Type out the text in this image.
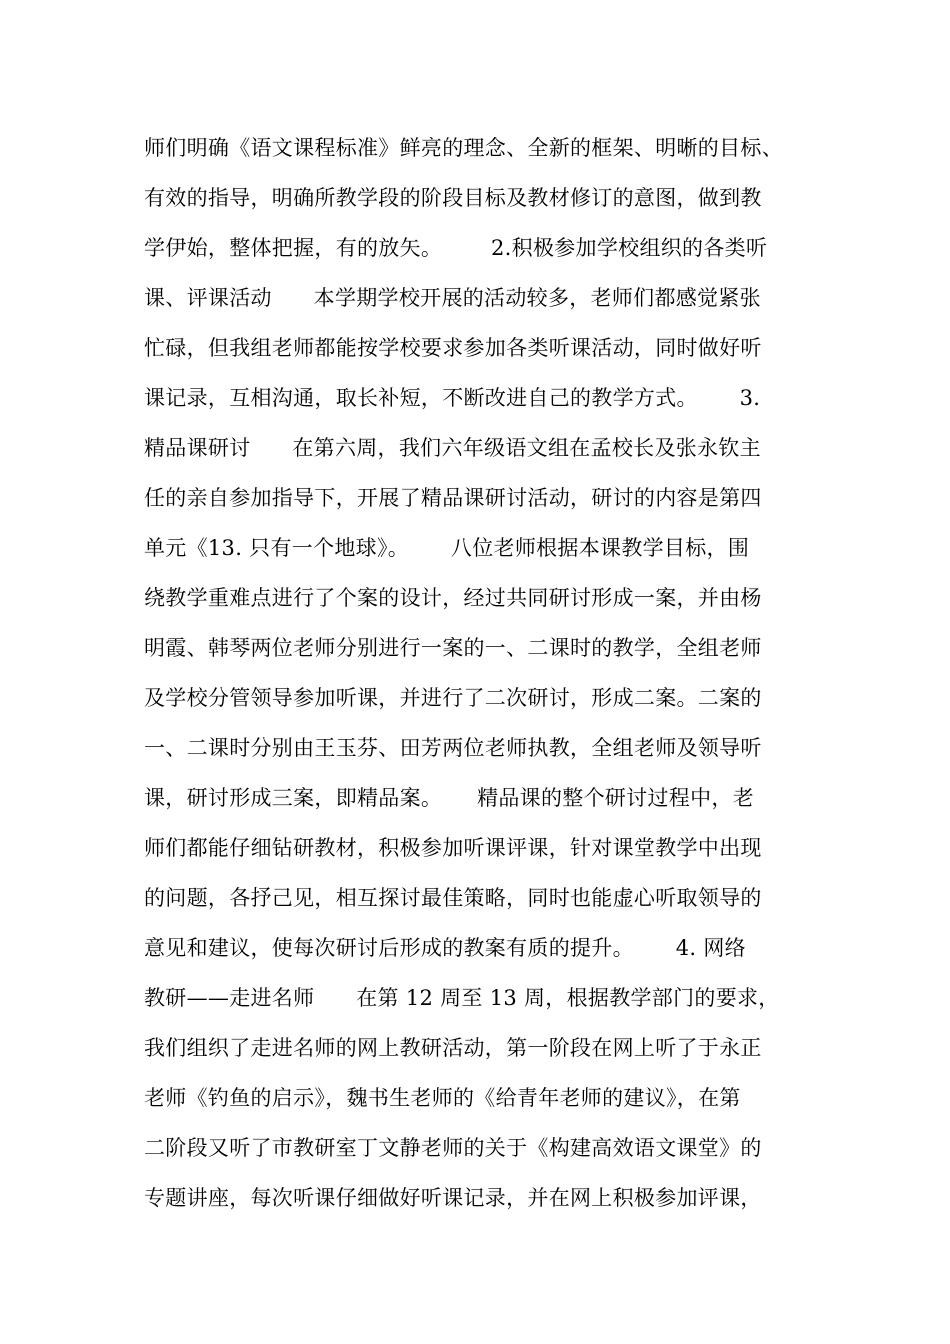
师们明确《语文课程标准》鲜亮的理念、全新的框架、明晰的目标、
有效的指导，明确所教学段的阶段目标及教材修订的意图，做到教
学伊始，整体把握，有的放矢。       2.积极参加学校组织的各类听
课、评课活动      本学期学校开展的活动较多，老师们都感觉紧张
忙碌，但我组老师都能按学校要求参加各类听课活动，同时做好听
课记录，互相沟通，取长补短，不断改进自己的教学方式。      3.
精品课研讨      在第六周，我们六年级语文组在孟校长及张永钦主
任的亲自参加指导下，开展了精品课研讨活动，研讨的内容是第四
单元《13. 只有一个地球》。      八位老师根据本课教学目标，围
绕教学重难点进行了个案的设计，经过共同研讨形成一案，并由杨
明霞、韩琴两位老师分别进行一案的一、二课时的教学，全组老师
及学校分管领导参加听课，并进行了二次研讨，形成二案。二案的
一、二课时分别由王玉芬、田芳两位老师执教，全组老师及领导听
课，研讨形成三案，即精品案。     精品课的整个研讨过程中，老
师们都能仔细钻研教材，积极参加听课评课，针对课堂教学中出现
的问题，各抒己见，相互探讨最佳策略，同时也能虚心听取领导的
意见和建议，使每次研讨后形成的教案有质的提升。      4. 网络
教研——走进名师      在第 12 周至 13 周，根据教学部门的要求，
我们组织了走进名师的网上教研活动，第一阶段在网上听了于永正
老师《钓鱼的启示》，魏书生老师的《给青年老师的建议》，在第
二阶段又听了市教研室丁文静老师的关于《构建高效语文课堂》的
专题讲座，每次听课仔细做好听课记录，并在网上积极参加评课，
